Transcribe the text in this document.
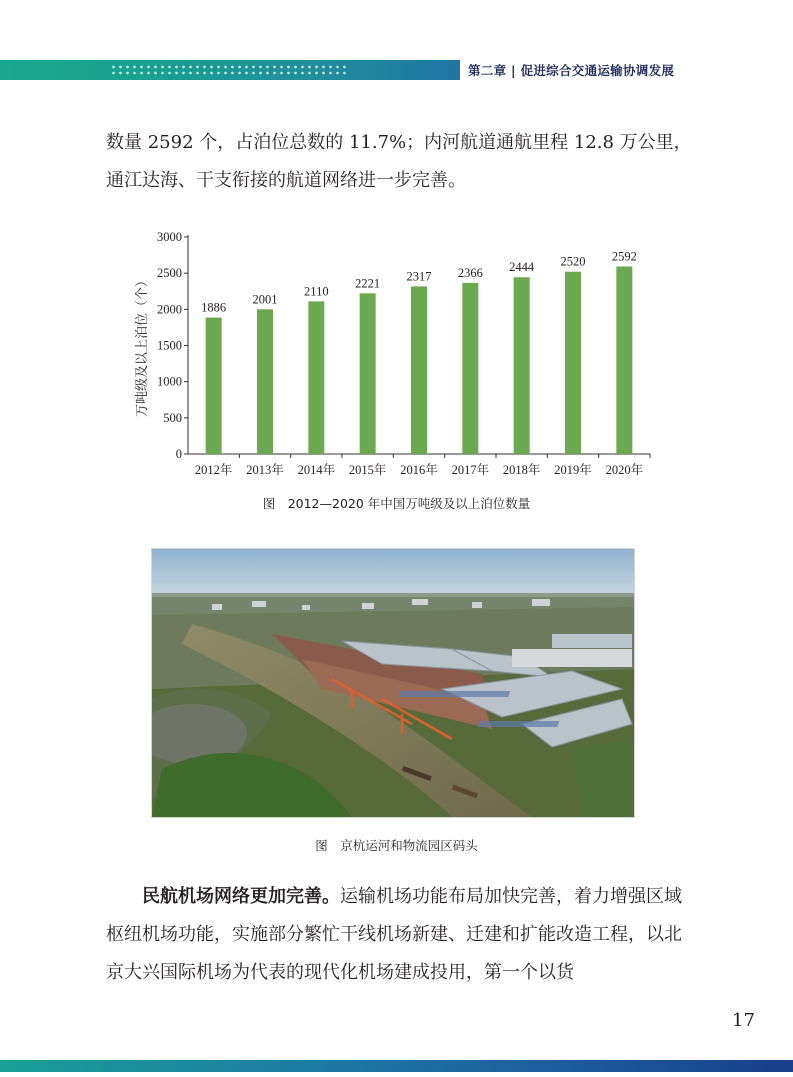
第二章 | 促进综合交通运输协调发展

数量 2592 个，占泊位总数的 11.7%；内河航道通航里程 12.8 万公里，通江达海、干支衔接的航道网络进一步完善。

0
500
1000
1500
2000
2500
3000
1886
2012年
2001
2013年
2110
2014年
2221
2015年
2317
2016年
2366
2017年
2444
2018年
2520
2019年
2592
2020年
万吨级及以上泊位（个）
图　2012—2020 年中国万吨级及以上泊位数量
图　京杭运河和物流园区码头

民航机场网络更加完善。运输机场功能布局加快完善，着力增强区域枢纽机场功能，实施部分繁忙干线机场新建、迁建和扩能改造工程，以北京大兴国际机场为代表的现代化机场建成投用，第一个以货

17
